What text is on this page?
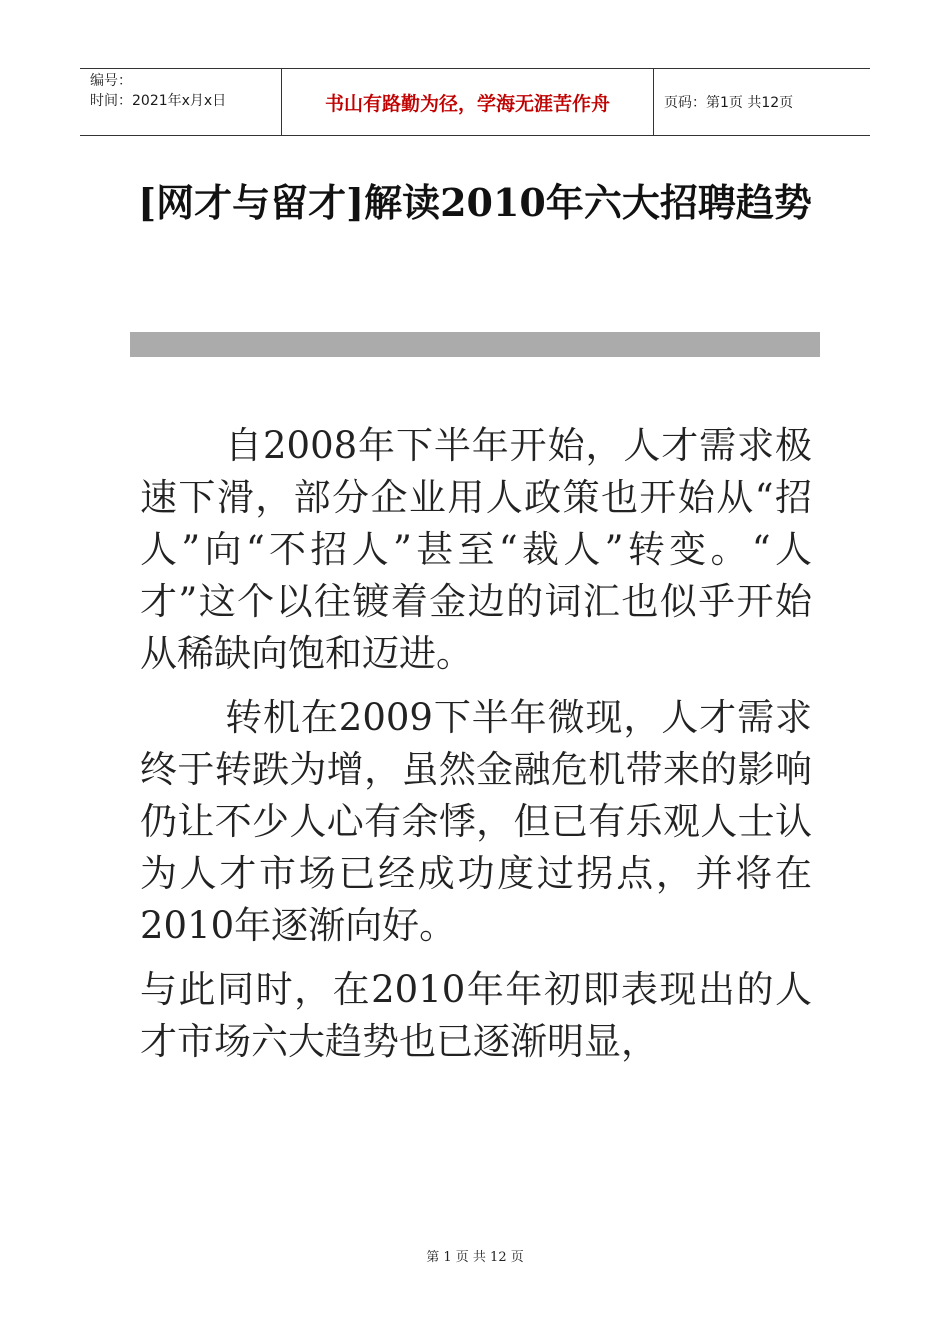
编号：
时间：2021年x月x日	书山有路勤为径，学海无涯苦作舟	页码：第1页 共12页
[网才与留才]解读2010年六大招聘趋势

自2008年下半年开始，人才需求极速下滑，部分企业用人政策也开始从“招人”向“不招人”甚至“裁人”转变。“人才”这个以往镀着金边的词汇也似乎开始从稀缺向饱和迈进。

转机在2009下半年微现，人才需求终于转跌为增，虽然金融危机带来的影响仍让不少人心有余悸，但已有乐观人士认为人才市场已经成功度过拐点，并将在2010年逐渐向好。

与此同时，在2010年年初即表现出的人才市场六大趋势也已逐渐明显，

第 1 页 共 12 页
